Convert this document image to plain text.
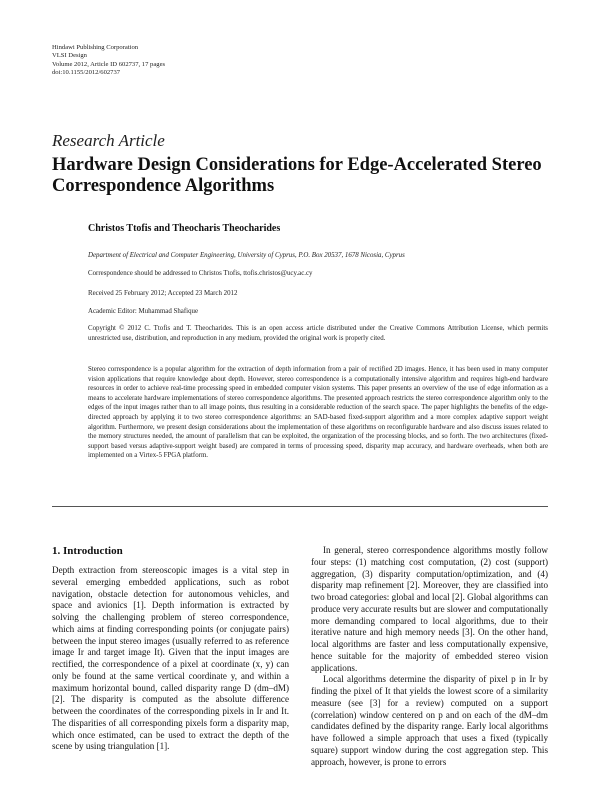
Hindawi Publishing Corporation
VLSI Design
Volume 2012, Article ID 602737, 17 pages
doi:10.1155/2012/602737
Research Article
Hardware Design Considerations for Edge-Accelerated Stereo Correspondence Algorithms
Christos Ttofis and Theocharis Theocharides
Department of Electrical and Computer Engineering, University of Cyprus, P.O. Box 20537, 1678 Nicosia, Cyprus
Correspondence should be addressed to Christos Ttofis, ttofis.christos@ucy.ac.cy
Received 25 February 2012; Accepted 23 March 2012
Academic Editor: Muhammad Shafique
Copyright © 2012 C. Ttofis and T. Theocharides. This is an open access article distributed under the Creative Commons Attribution License, which permits unrestricted use, distribution, and reproduction in any medium, provided the original work is properly cited.
Stereo correspondence is a popular algorithm for the extraction of depth information from a pair of rectified 2D images. Hence, it has been used in many computer vision applications that require knowledge about depth. However, stereo correspondence is a computationally intensive algorithm and requires high-end hardware resources in order to achieve real-time processing speed in embedded computer vision systems. This paper presents an overview of the use of edge information as a means to accelerate hardware implementations of stereo correspondence algorithms. The presented approach restricts the stereo correspondence algorithm only to the edges of the input images rather than to all image points, thus resulting in a considerable reduction of the search space. The paper highlights the benefits of the edge-directed approach by applying it to two stereo correspondence algorithms: an SAD-based fixed-support algorithm and a more complex adaptive support weight algorithm. Furthermore, we present design considerations about the implementation of these algorithms on reconfigurable hardware and also discuss issues related to the memory structures needed, the amount of parallelism that can be exploited, the organization of the processing blocks, and so forth. The two architectures (fixed-support based versus adaptive-support weight based) are compared in terms of processing speed, disparity map accuracy, and hardware overheads, when both are implemented on a Virtex-5 FPGA platform.
1. Introduction

Depth extraction from stereoscopic images is a vital step in several emerging embedded applications, such as robot navigation, obstacle detection for autonomous vehicles, and space and avionics [1]. Depth information is extracted by solving the challenging problem of stereo correspondence, which aims at finding corresponding points (or conjugate pairs) between the input stereo images (usually referred to as reference image Ir and target image It). Given that the input images are rectified, the correspondence of a pixel at coordinate (x, y) can only be found at the same vertical coordinate y, and within a maximum horizontal bound, called disparity range D (dm–dM) [2]. The disparity is computed as the absolute difference between the coordinates of the corresponding pixels in Ir and It. The disparities of all corresponding pixels form a disparity map, which once estimated, can be used to extract the depth of the scene by using triangulation [1].

In general, stereo correspondence algorithms mostly follow four steps: (1) matching cost computation, (2) cost (support) aggregation, (3) disparity computation/optimization, and (4) disparity map refinement [2]. Moreover, they are classified into two broad categories: global and local [2]. Global algorithms can produce very accurate results but are slower and computationally more demanding compared to local algorithms, due to their iterative nature and high memory needs [3]. On the other hand, local algorithms are faster and less computationally expensive, hence suitable for the majority of embedded stereo vision applications.

Local algorithms determine the disparity of pixel p in Ir by finding the pixel of It that yields the lowest score of a similarity measure (see [3] for a review) computed on a support (correlation) window centered on p and on each of the dM–dm candidates defined by the disparity range. Early local algorithms have followed a simple approach that uses a fixed (typically square) support window during the cost aggregation step. This approach, however, is prone to errors
